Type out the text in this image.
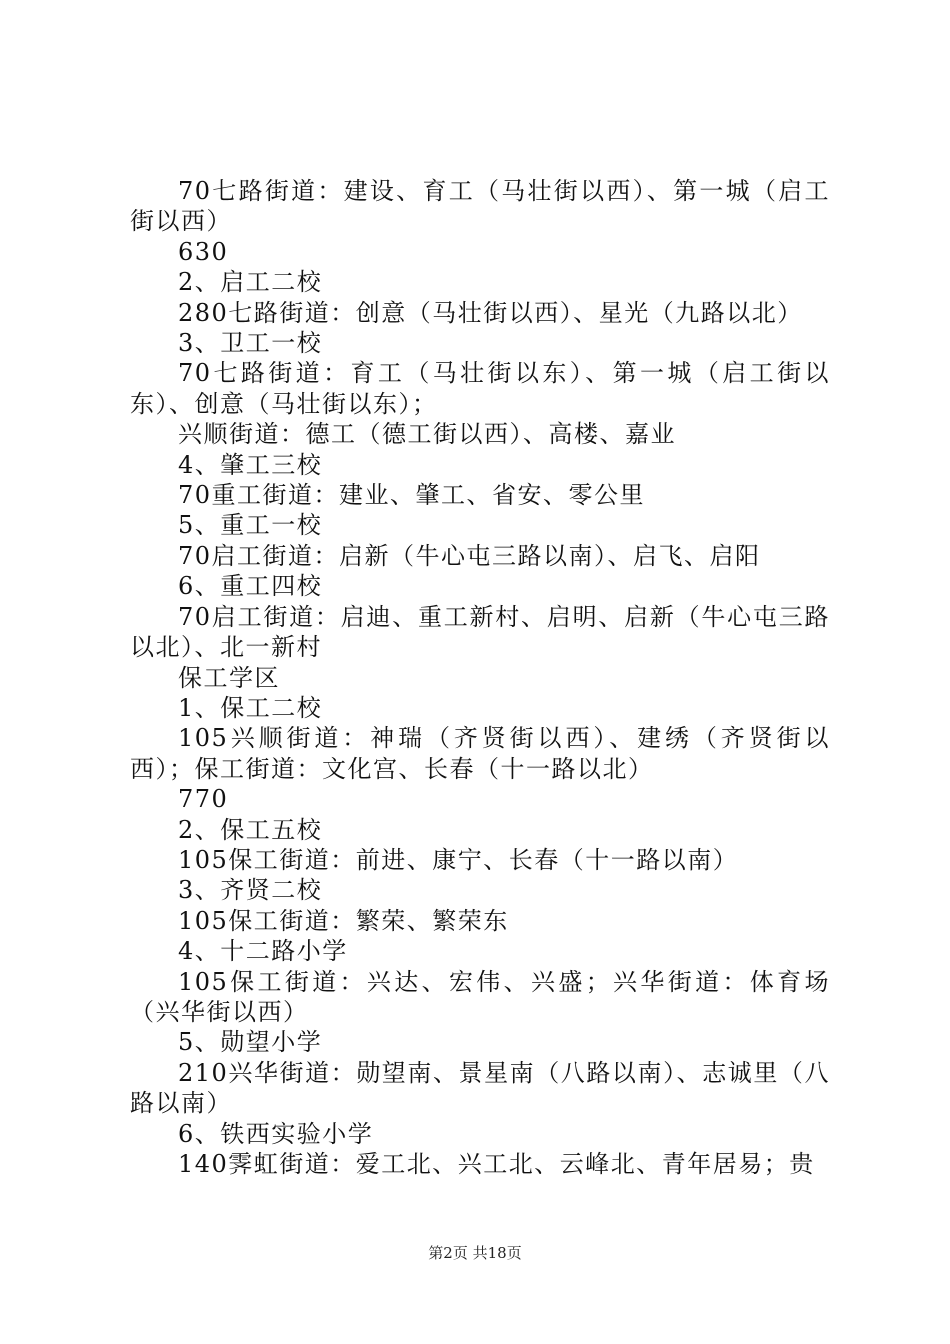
70七路街道：建设、育工（马壮街以西）、第一城（启工街以西）

630

2、启工二校

280七路街道：创意（马壮街以西）、星光（九路以北）

3、卫工一校

70七路街道：育工（马壮街以东）、第一城（启工街以东）、创意（马壮街以东）；

兴顺街道：德工（德工街以西）、高楼、嘉业

4、肇工三校

70重工街道：建业、肇工、省安、零公里

5、重工一校

70启工街道：启新（牛心屯三路以南）、启飞、启阳

6、重工四校

70启工街道：启迪、重工新村、启明、启新（牛心屯三路以北）、北一新村

保工学区

1、保工二校

105兴顺街道：神瑞（齐贤街以西）、建绣（齐贤街以西）；保工街道：文化宫、长春（十一路以北）

770

2、保工五校

105保工街道：前进、康宁、长春（十一路以南）

3、齐贤二校

105保工街道：繁荣、繁荣东

4、十二路小学

105保工街道：兴达、宏伟、兴盛；兴华街道：体育场（兴华街以西）

5、勋望小学

210兴华街道：勋望南、景星南（八路以南）、志诚里（八路以南）

6、铁西实验小学

140霁虹街道：爱工北、兴工北、云峰北、青年居易；贵

第2页 共18页
